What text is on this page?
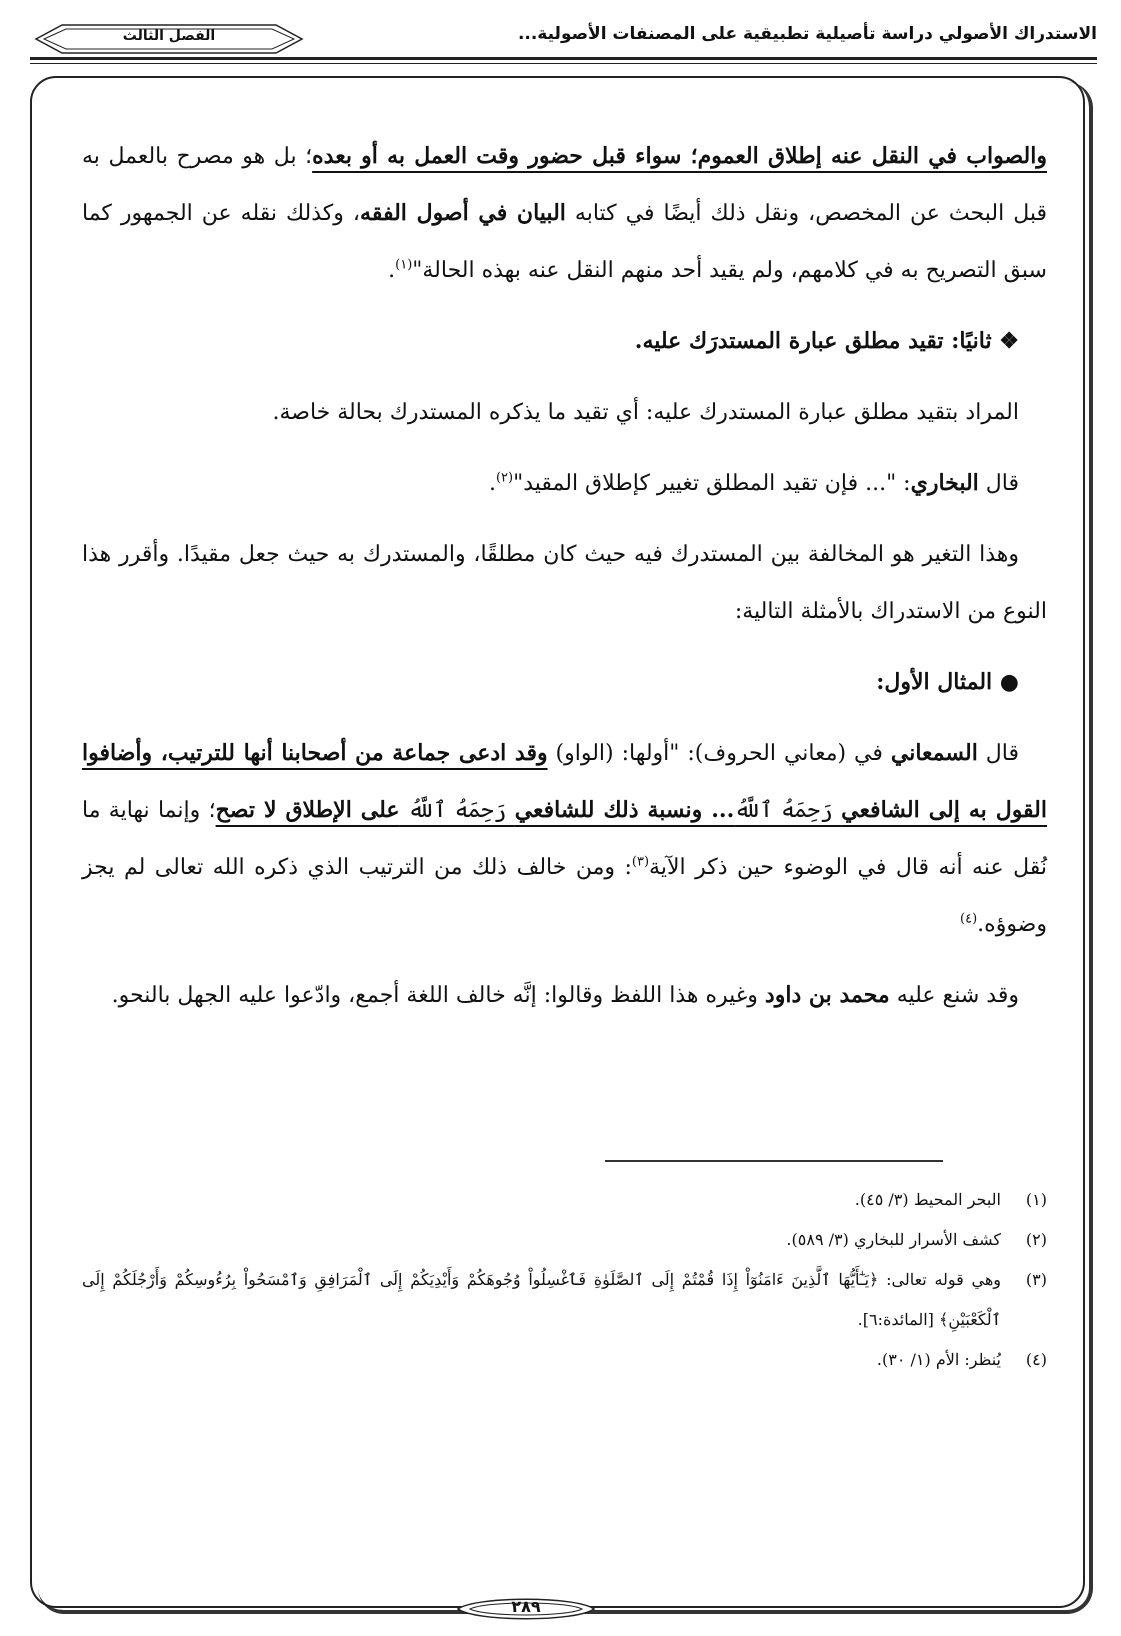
الاستدراك الأصولي دراسة تأصيلية تطبيقية على المصنفات الأصولية...
الفصل الثالث

والصواب في النقل عنه إطلاق العموم؛ سواء قبل حضور وقت العمل به أو بعده؛ بل هو مصرح بالعمل به قبل البحث عن المخصص، ونقل ذلك أيضًا في كتابه البيان في أصول الفقه، وكذلك نقله عن الجمهور كما سبق التصريح به في كلامهم، ولم يقيد أحد منهم النقل عنه بهذه الحالة"$^{(١)}$.

❖ ثانيًا: تقيد مطلق عبارة المستدرَك عليه.

المراد بتقيد مطلق عبارة المستدرك عليه: أي تقيد ما يذكره المستدرك بحالة خاصة.

قال البخاري: "... فإن تقيد المطلق تغيير كإطلاق المقيد"$^{(٢)}$.

وهذا التغير هو المخالفة بين المستدرك فيه حيث كان مطلقًا، والمستدرك به حيث جعل مقيدًا. وأقرر هذا النوع من الاستدراك بالأمثلة التالية:

● المثال الأول:

قال السمعاني في (معاني الحروف): "أولها: (الواو) وقد ادعى جماعة من أصحابنا أنها للترتيب، وأضافوا القول به إلى الشافعي رَحِمَهُ ٱللَّهُ... ونسبة ذلك للشافعي رَحِمَهُ ٱللَّهُ على الإطلاق لا تصح؛ وإنما نهاية ما نُقل عنه أنه قال في الوضوء حين ذكر الآية$^{(٣)}$: ومن خالف ذلك من الترتيب الذي ذكره الله تعالى لم يجز وضوؤه.$^{(٤)}$

وقد شنع عليه محمد بن داود وغيره هذا اللفظ وقالوا: إنَّه خالف اللغة أجمع، وادّعوا عليه الجهل بالنحو.

(١)
البحر المحيط (٣/ ٤٥).
(٢)
كشف الأسرار للبخاري (٣/ ٥٨٩).
(٣)
وهي قوله تعالى: ﴿يَـٰٓأَيُّهَا ٱلَّذِينَ ءَامَنُوٓاْ إِذَا قُمْتُمْ إِلَى ٱلصَّلَوٰةِ فَٱغْسِلُواْ وُجُوهَكُمْ وَأَيْدِيَكُمْ إِلَى ٱلْمَرَافِقِ وَٱمْسَحُواْ بِرُءُوسِكُمْ وَأَرْجُلَكُمْ إِلَى ٱلْكَعْبَيْنِ﴾ [المائدة:٦].
(٤)
يُنظر: الأم (١/ ٣٠).
٢٨٩
